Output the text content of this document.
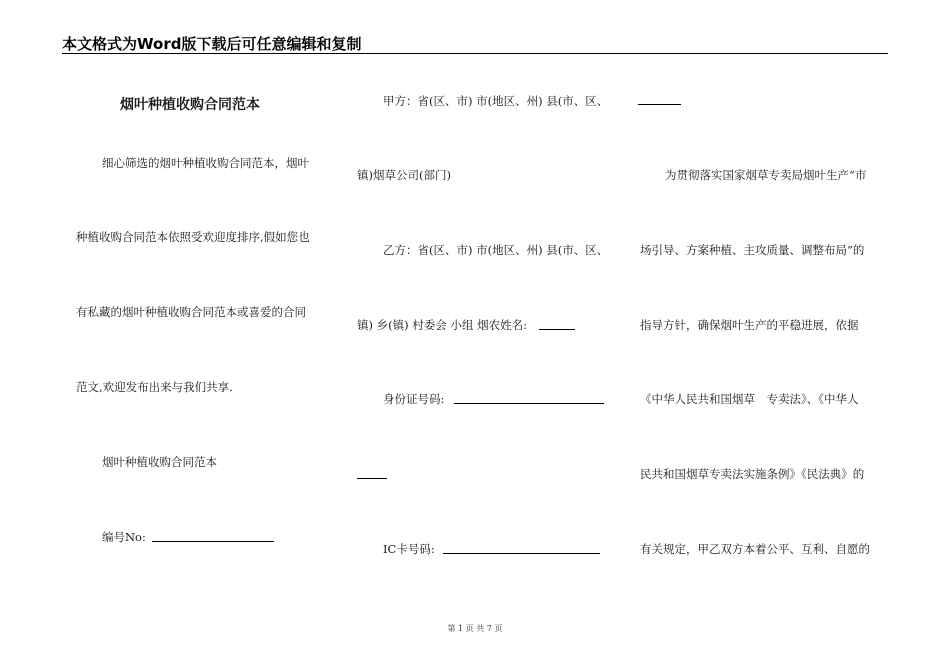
本文格式为Word版下载后可任意编辑和复制
烟叶种植收购合同范本
细心筛选的烟叶种植收购合同范本，烟叶
种植收购合同范本依照受欢迎度排序,假如您也
有私藏的烟叶种植收购合同范本或喜爱的合同
范文,欢迎发布出来与我们共享.
烟叶种植收购合同范本
编号No:
甲方：省(区、市) 市(地区、州) 县(市、区、
镇)烟草公司(部门)
乙方：省(区、市) 市(地区、州) 县(市、区、
镇) 乡(镇) 村委会 小组 烟农姓名:
身份证号码:
IC卡号码:
为贯彻落实国家烟草专卖局烟叶生产“市
场引导、方案种植、主攻质量、调整布局”的
指导方针，确保烟叶生产的平稳进展，依据
《中华人民共和国烟草　专卖法》、《中华人
民共和国烟草专卖法实施条例》《民法典》的
有关规定，甲乙双方本着公平、互利、自愿的
第 1 页 共 7 页
